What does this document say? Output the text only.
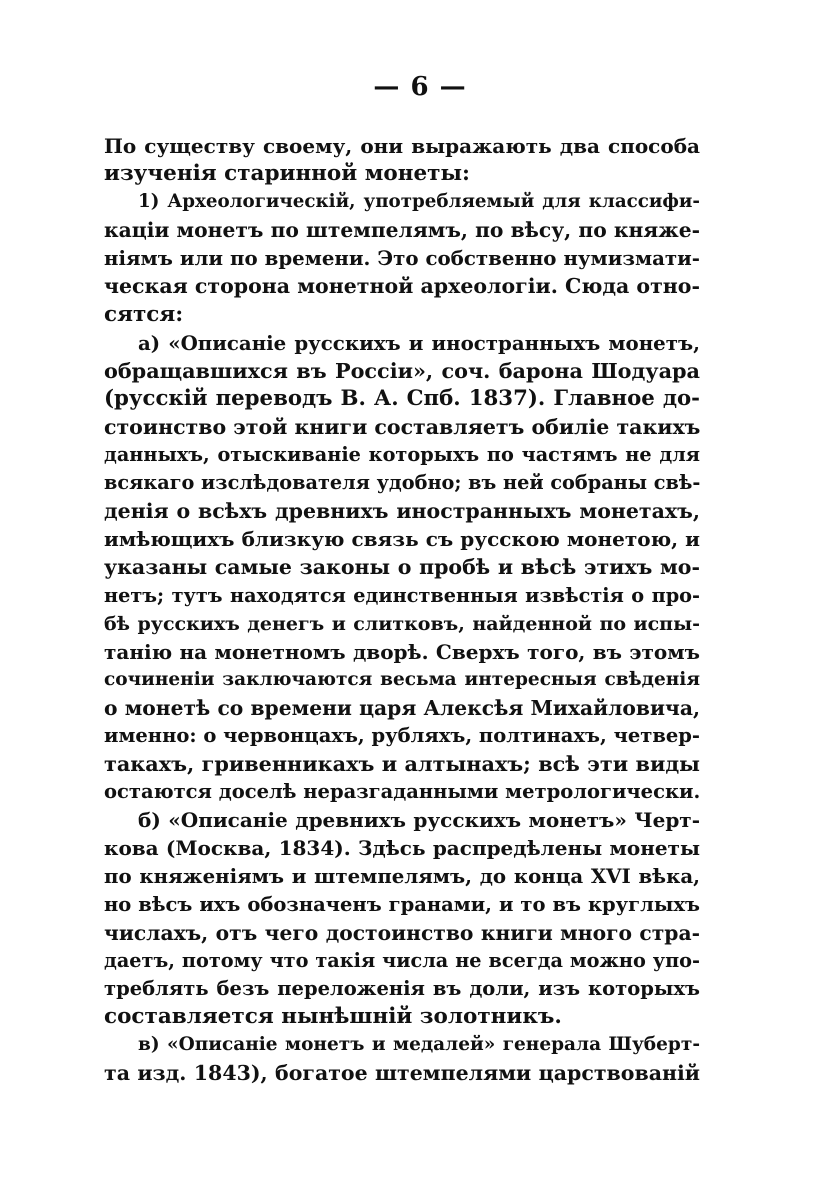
— 6 —
По существу своему, они выражають два способа
изученія старинной монеты:
1) Археологическій, употребляемый для классифи-
каціи монетъ по штемпелямъ, по вѣсу, по княже-
ніямъ или по времени. Это собственно нумизмати-
ческая сторона монетной археологіи. Сюда отно-
сятся:
а) «Описаніе русскихъ и иностранныхъ монетъ,
обращавшихся въ Россіи», соч. барона Шодуара
(русскій переводъ В. А. Спб. 1837). Главное до-
стоинство этой книги составляетъ обиліе такихъ
данныхъ, отыскиваніе которыхъ по частямъ не для
всякаго изслѣдователя удобно; въ ней собраны свѣ-
денія о всѣхъ древнихъ иностранныхъ монетахъ,
имѣющихъ близкую связь съ русскою монетою, и
указаны самые законы о пробѣ и вѣсѣ этихъ мо-
нетъ; тутъ находятся единственныя извѣстія о про-
бѣ русскихъ денегъ и слитковъ, найденной по испы-
танію на монетномъ дворѣ. Сверхъ того, въ этомъ
сочиненіи заключаются весьма интересныя свѣденія
о монетѣ со времени царя Алексѣя Михайловича,
именно: о червонцахъ, рубляхъ, полтинахъ, четвер-
такахъ, гривенникахъ и алтынахъ; всѣ эти виды
остаются доселѣ неразгаданными метрологически.
б) «Описаніе древнихъ русскихъ монетъ» Черт-
кова (Москва, 1834). Здѣсь распредѣлены монеты
по княженіямъ и штемпелямъ, до конца XVI вѣка,
но вѣсъ ихъ обозначенъ гранами, и то въ круглыхъ
числахъ, отъ чего достоинство книги много стра-
даетъ, потому что такія числа не всегда можно упо-
треблять безъ переложенія въ доли, изъ которыхъ
составляется нынѣшній золотникъ.
в) «Описаніе монетъ и медалей» генерала Шуберт-
та изд. 1843), богатое штемпелями царствованій
